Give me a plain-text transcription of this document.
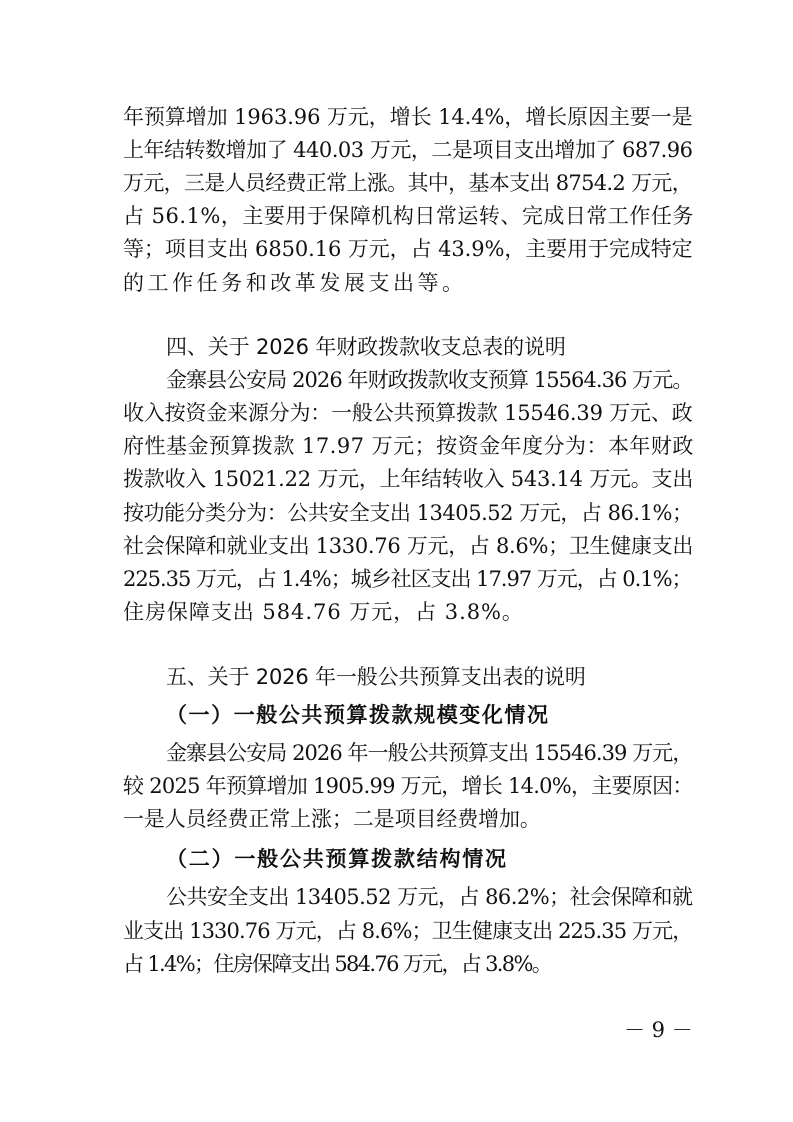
年预算增加 1963.96 万元，增长 14.4%，增长原因主要一是
上年结转数增加了 440.03 万元，二是项目支出增加了 687.96
万元，三是人员经费正常上涨。其中，基本支出 8754.2 万元，
占 56.1%，主要用于保障机构日常运转、完成日常工作任务
等；项目支出 6850.16 万元，占 43.9%，主要用于完成特定
的工作任务和改革发展支出等。
四、关于 2026 年财政拨款收支总表的说明
金寨县公安局 2026 年财政拨款收支预算 15564.36 万元。
收入按资金来源分为：一般公共预算拨款 15546.39 万元、政
府性基金预算拨款 17.97 万元；按资金年度分为：本年财政
拨款收入 15021.22 万元，上年结转收入 543.14 万元。支出
按功能分类分为：公共安全支出 13405.52 万元，占 86.1%；
社会保障和就业支出 1330.76 万元，占 8.6%；卫生健康支出
225.35 万元，占 1.4%；城乡社区支出 17.97 万元，占 0.1%；
住房保障支出 584.76 万元，占 3.8%。
五、关于 2026 年一般公共预算支出表的说明
（一）一般公共预算拨款规模变化情况
金寨县公安局 2026 年一般公共预算支出 15546.39 万元，
较 2025 年预算增加 1905.99 万元，增长 14.0%，主要原因：
一是人员经费正常上涨；二是项目经费增加。
（二）一般公共预算拨款结构情况
公共安全支出 13405.52 万元，占 86.2%；社会保障和就
业支出 1330.76 万元，占 8.6%；卫生健康支出 225.35 万元，
占 1.4%；住房保障支出 584.76 万元，占 3.8%。
－ 9 －
